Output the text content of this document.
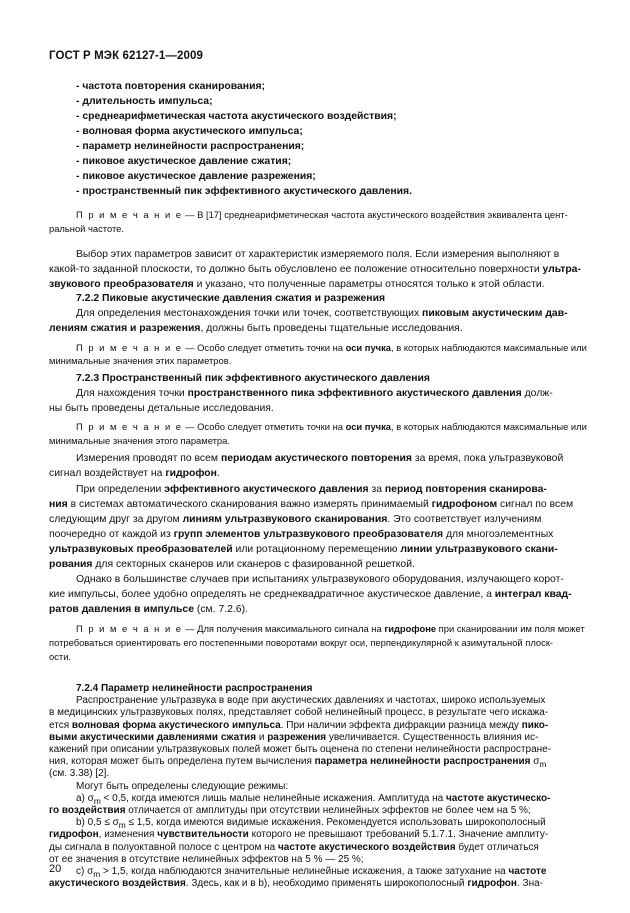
ГОСТ Р МЭК 62127-1—2009
- частота повторения сканирования;
- длительность импульса;
- среднеарифметическая частота акустического воздействия;
- волновая форма акустического импульса;
- параметр нелинейности распространения;
- пиковое акустическое давление сжатия;
- пиковое акустическое давление разрежения;
- пространственный пик эффективного акустического давления.
П р и м е ч а н и е — В [17] среднеарифметическая частота акустического воздействия эквивалента цент-
ральной частоте.
Выбор этих параметров зависит от характеристик измеряемого поля. Если измерения выполняют в
какой-то заданной плоскости, то должно быть обусловлено ее положение относительно поверхности ультра-
звукового преобразователя и указано, что полученные параметры относятся только к этой области.
7.2.2 Пиковые акустические давления сжатия и разрежения
Для определения местонахождения точки или точек, соответствующих пиковым акустическим дав-
лениям сжатия и разрежения, должны быть проведены тщательные исследования.
П р и м е ч а н и е — Особо следует отметить точки на оси пучка, в которых наблюдаются максимальные или
минимальные значения этих параметров.
7.2.3 Пространственный пик эффективного акустического давления
Для нахождения точки пространственного пика эффективного акустического давления долж-
ны быть проведены детальные исследования.
П р и м е ч а н и е — Особо следует отметить точки на оси пучка, в которых наблюдаются максимальные или
минимальные значения этого параметра.
Измерения проводят по всем периодам акустического повторения за время, пока ультразвуковой
сигнал воздействует на гидрофон.
При определении эффективного акустического давления за период повторения сканирова-
ния в системах автоматического сканирования важно измерять принимаемый гидрофоном сигнал по всем
следующим друг за другом линиям ультразвукового сканирования. Это соответствует излучениям
поочередно от каждой из групп элементов ультразвукового преобразователя для многоэлементных
ультразвуковых преобразователей или ротационному перемещению линии ультразвукового скани-
рования для секторных сканеров или сканеров с фазированной решеткой.
Однако в большинстве случаев при испытаниях ультразвукового оборудования, излучающего корот-
кие импульсы, более удобно определять не среднеквадратичное акустическое давление, а интеграл квад-
ратов давления в импульсе (см. 7.2.6).
П р и м е ч а н и е — Для получения максимального сигнала на гидрофоне при сканировании им поля может
потребоваться ориентировать его постепенными поворотами вокруг оси, перпендикулярной к азимутальной плоск-
ости.
7.2.4 Параметр нелинейности распространения
Распространение ультразвука в воде при акустических давлениях и частотах, широко используемых
в медицинских ультразвуковых полях, представляет собой нелинейный процесс, в результате чего искажа-
ется волновая форма акустического импульса. При наличии эффекта дифракции разница между пико-
выми акустическими давлениями сжатия и разрежения увеличивается. Существенность влияния ис-
кажений при описании ультразвуковых полей может быть оценена по степени нелинейности распростране-
ния, которая может быть определена путем вычисления параметра нелинейности распространения $\sigma_m$
(см. 3.38) [2].
Могут быть определены следующие режимы:
а) $\sigma_m < 0,5$, когда имеются лишь малые нелинейные искажения. Амплитуда на частоте акустическо-
го воздействия отличается от амплитуды при отсутствии нелинейных эффектов не более чем на 5 %;
b) $0,5 \le \sigma_m \le 1,5$, когда имеются видимые искажения. Рекомендуется использовать широкополосный
гидрофон, изменения чувствительности которого не превышают требований 5.1.7.1. Значение амплиту-
ды сигнала в полуоктавной полосе с центром на частоте акустического воздействия будет отличаться
от ее значения в отсутствие нелинейных эффектов на 5 % — 25 %;
с) $\sigma_m > 1,5$, когда наблюдаются значительные нелинейные искажения, а также затухание на частоте
акустического воздействия. Здесь, как и в b), необходимо применять широкополосный гидрофон. Зна-
20
